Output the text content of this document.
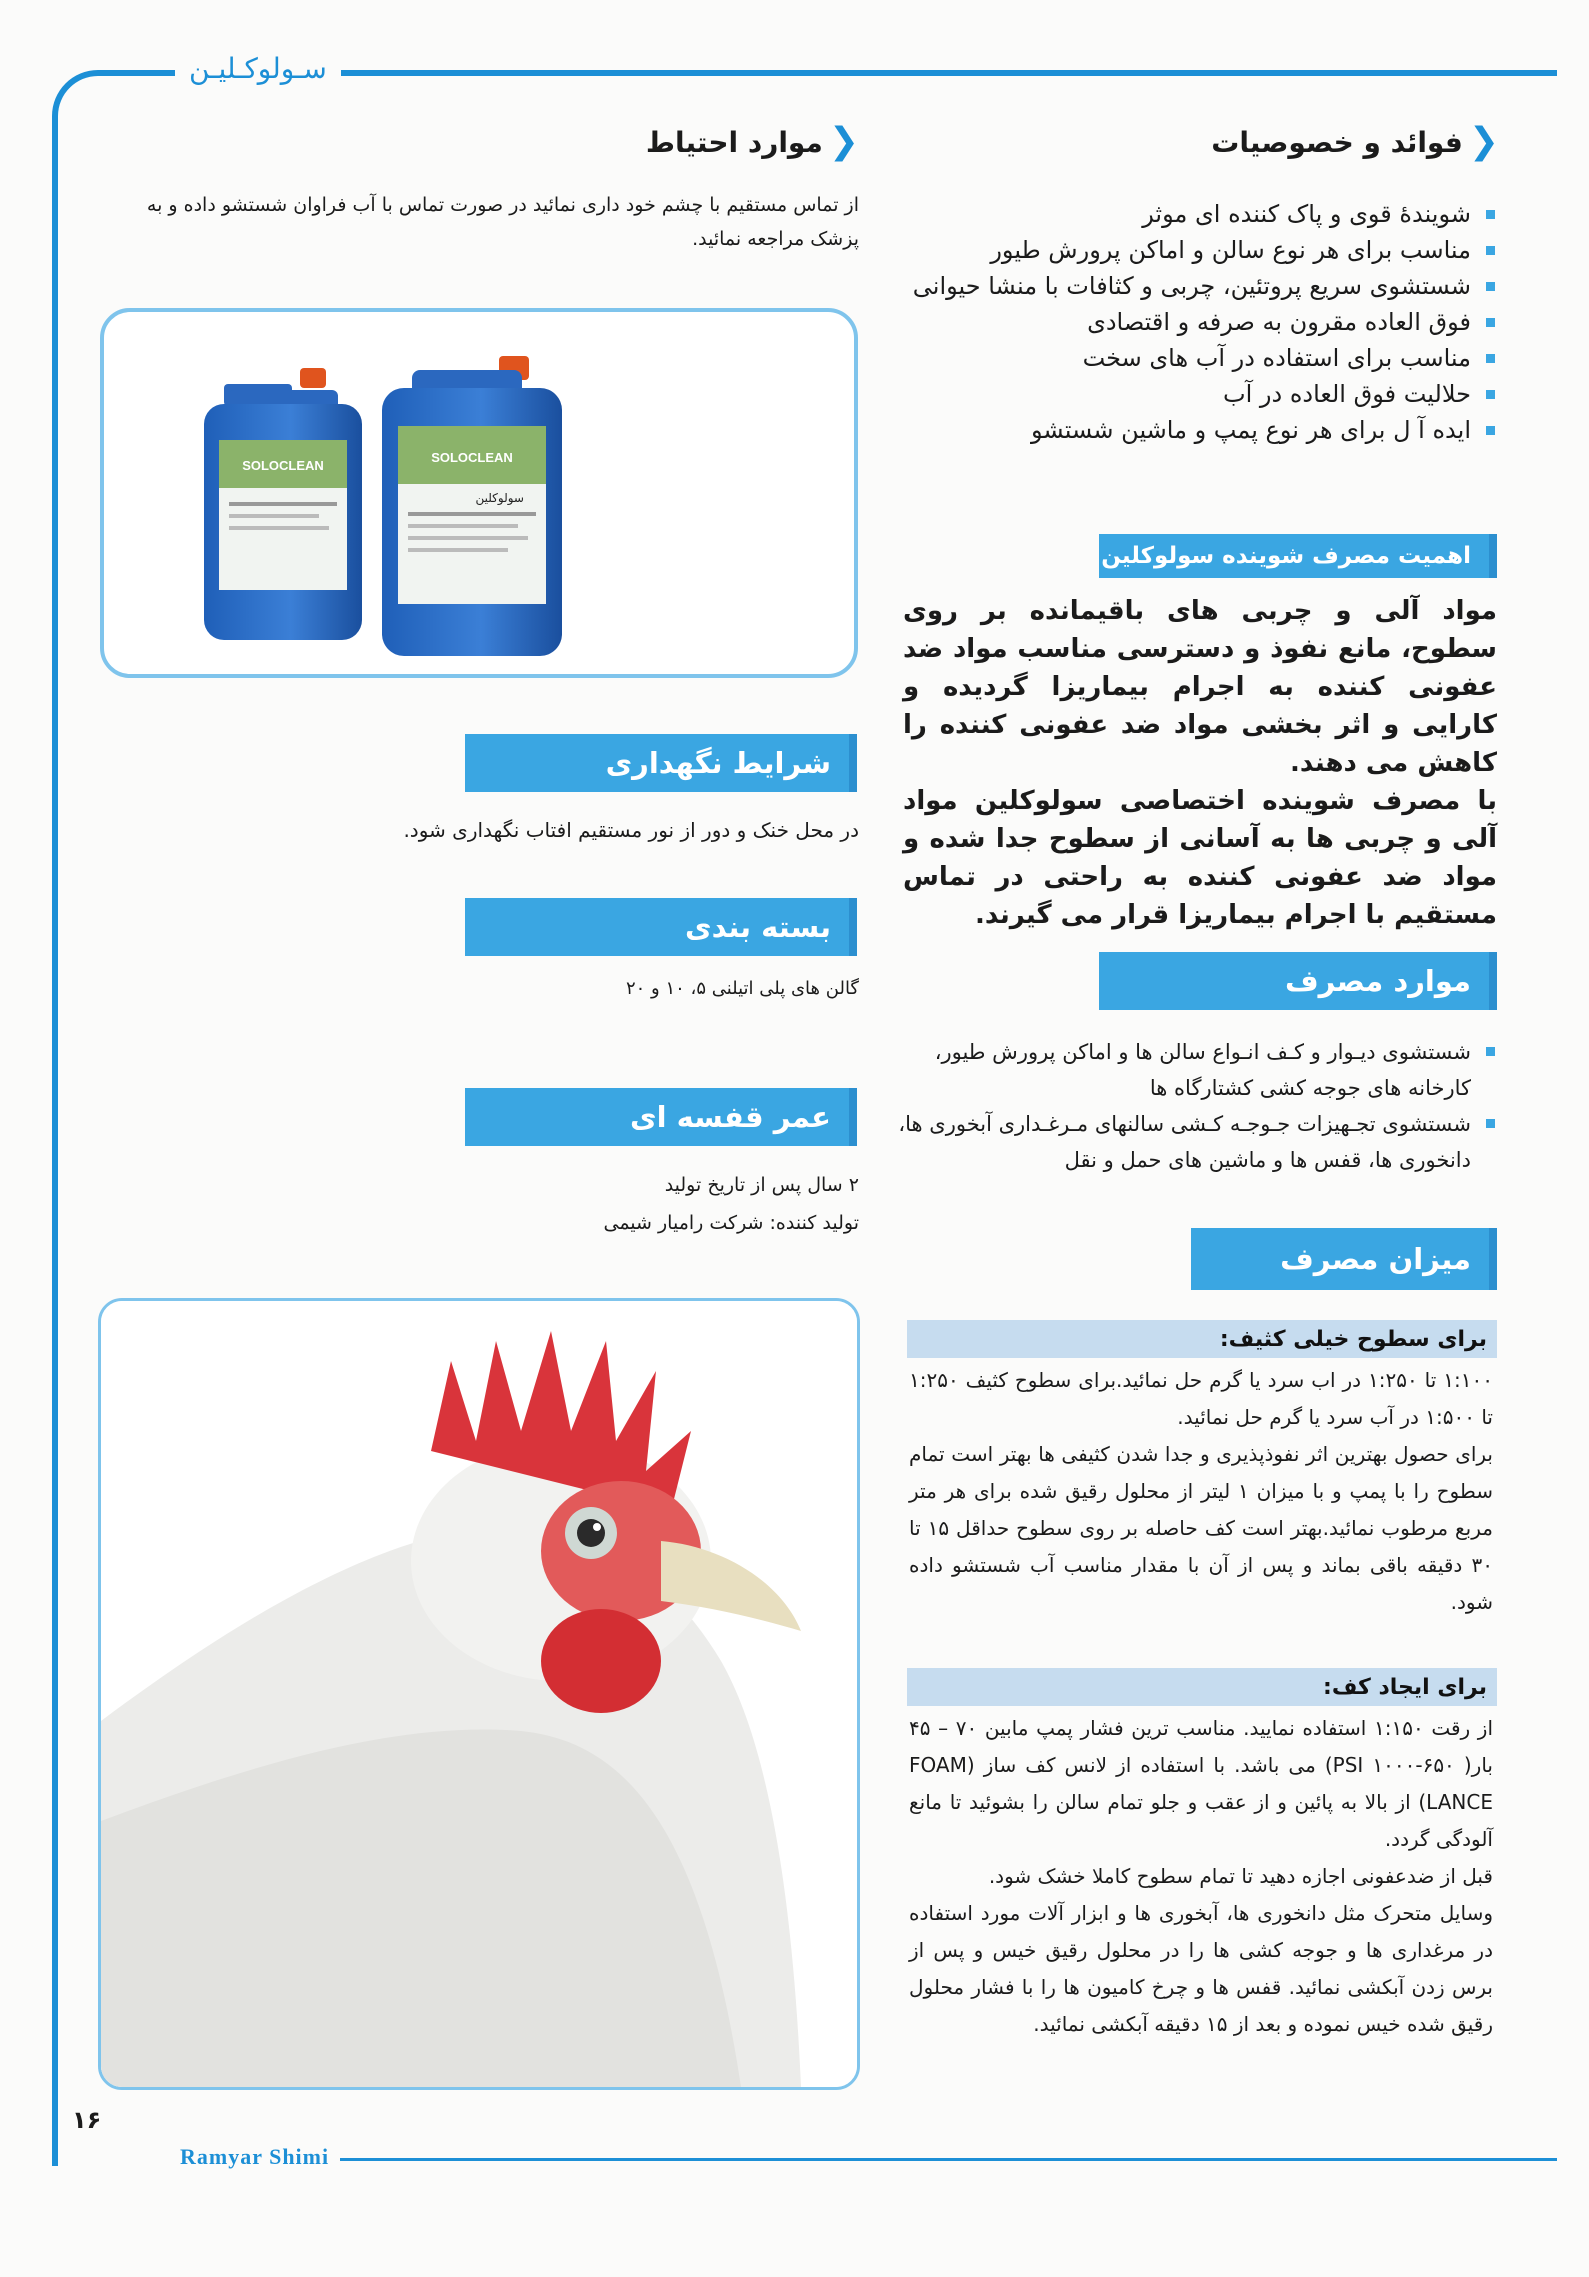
سـولوکـلیـن
Ramyar Shimi
۱۶
❮
فوائد و خصوصیات
شویندهٔ قوی و پاک کننده ای موثر
مناسب برای هر نوع سالن و اماکن پرورش طیور
شستشوی سریع پروتئین، چربی و کثافات با منشا حیوانی
فوق العاده مقرون به صرفه و اقتصادی
مناسب برای استفاده در آب های سخت
حلالیت فوق العاده در آب
ایده آ ل برای هر نوع پمپ و ماشین شستشو
اهمیت مصرف شوینده سولوکلین
مواد آلی و چربی های باقیمانده بر روی سطوح، مانع نفوذ و دسترسی مناسب مواد ضد عفونی کننده به اجرام بیماریزا گردیده و کارایی و اثر بخشی مواد ضد عفونی کننده را کاهش می دهند.
با مصرف شوینده اختصاصی سولوکلین مواد آلی و چربی ها به آسانی از سطوح جدا شده و مواد ضد عفونی کننده به راحتی در تماس مستقیم با اجرام بیماریزا قرار می گیرند.
موارد مصرف
شستشوی دیـوار و کـف انـواع سالن ها و اماکن پرورش طیور، کارخانه های جوجه کشی کشتارگاه ها
شستشوی تجـهیزات جـوجـه کـشی سالنهای مـرغـداری آبخوری ها، دانخوری ها، قفس ها و ماشین های حمل و نقل
میزان مصرف
برای سطوح خیلی کثیف:
۱:۱۰۰ تا ۱:۲۵۰ در اب سرد یا گرم حل نمائید.برای سطوح کثیف ۱:۲۵۰ تا ۱:۵۰۰ در آب سرد یا گرم حل نمائید.
برای حصول بهترین اثر نفوذپذیری و جدا شدن کثیفی ها بهتر است تمام سطوح را با پمپ و با میزان ۱ لیتر از محلول رقیق شده برای هر متر مربع مرطوب نمائید.بهتر است کف حاصله بر روی سطوح حداقل ۱۵ تا ۳۰ دقیقه باقی بماند و پس از آن با مقدار مناسب آب شستشو داده شود.
برای ایجاد کف:
از رقت ۱:۱۵۰ استفاده نمایید. مناسب ترین فشار پمپ مابین ۷۰ – ۴۵ بار( PSI ۱۰۰۰-۶۵۰) می باشد. با استفاده از لانس کف ساز (FOAM LANCE) از بالا به پائین و از عقب و جلو تمام سالن را بشوئید تا مانع آلودگی گردد.
قبل از ضدعفونی اجازه دهید تا تمام سطوح کاملا خشک شود.
وسایل متحرک مثل دانخوری ها، آبخوری ها و ابزار آلات مورد استفاده در مرغداری ها و جوجه کشی ها را در محلول رقیق خیس و پس از برس زدن آبکشی نمائید. قفس ها و چرخ کامیون ها را با فشار محلول رقیق شده خیس نموده و بعد از ۱۵ دقیقه آبکشی نمائید.
❮
موارد احتیاط
از تماس مستقیم با چشم خود داری نمائید در صورت تماس با آب فراوان شستشو داده و به پزشک مراجعه نمائید.
SOLOCLEAN
SOLOCLEAN
سولوکلین
شرایط نگهداری
در محل خنک و دور از نور مستقیم افتاب نگهداری شود.
بسته بندی
گالن های پلی اتیلنی ۵، ۱۰ و ۲۰
عمر قفسه ای
۲ سال پس از تاریخ تولید
تولید کننده: شرکت رامیار شیمی
